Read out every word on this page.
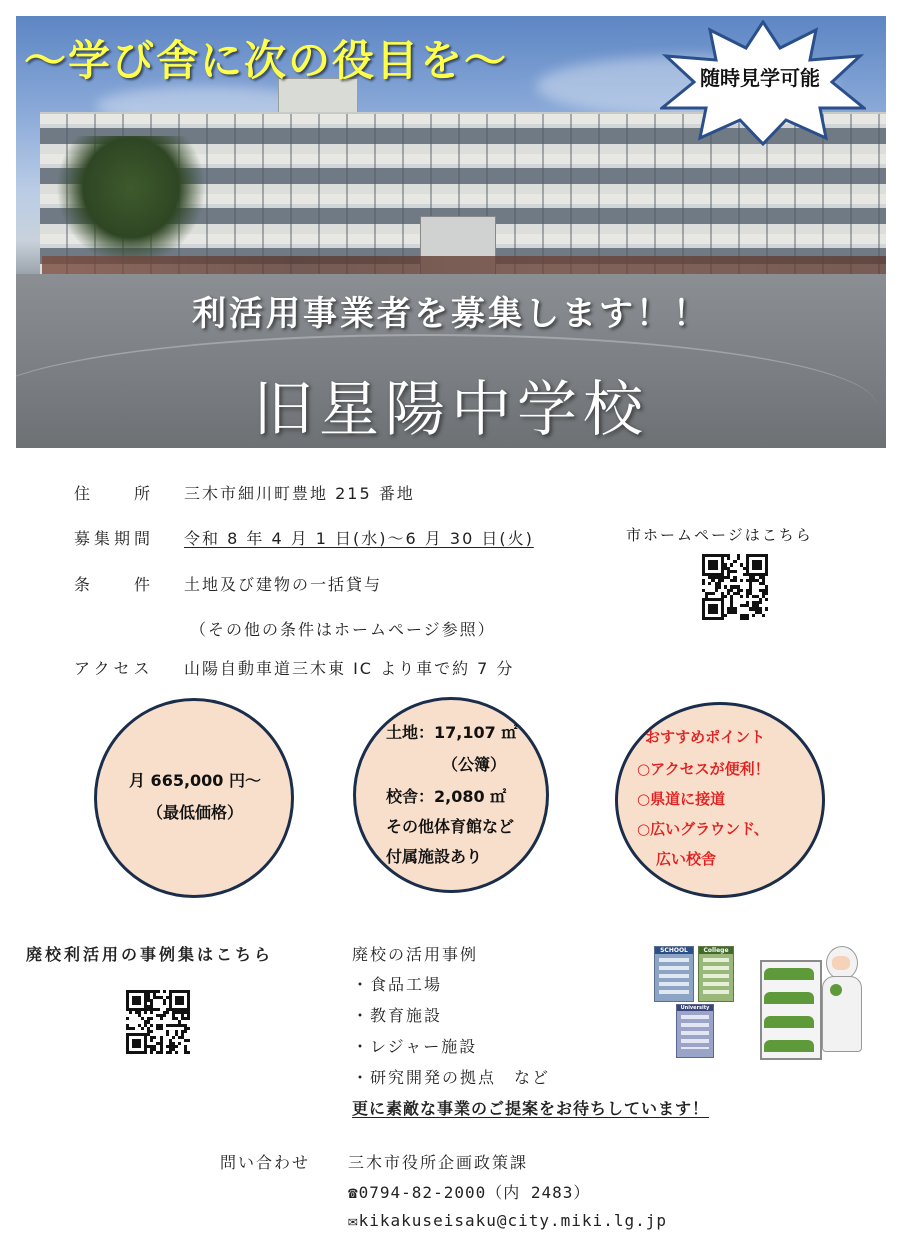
〜学び舎に次の役目を〜	随時見学可能
利活用事業者を募集します！！
旧星陽中学校
住　　所 三木市細川町豊地 215 番地
募集期間 令和 8 年 4 月 1 日(水)〜6 月 30 日(火)
条　　件 土地及び建物の一括貸与
（その他の条件はホームページ参照）
アクセス 山陽自動車道三木東 IC より車で約 7 分
市ホームページはこちら
月 665,000 円〜
（最低価格）
土地：17,107 ㎡
（公簿）
校舎：2,080 ㎡
その他体育館など
付属施設あり
おすすめポイント
○アクセスが便利！
○県道に接道
○広いグラウンド、
広い校舎
廃校利活用の事例集はこちら	廃校の活用事例
・食品工場
・教育施設
・レジャー施設
・研究開発の拠点　など
更に素敵な事業のご提案をお待ちしています！
SCHOOL	College
University
問い合わせ 三木市役所企画政策課
☎0794-82-2000（内 2483）
✉kikakuseisaku@city.miki.lg.jp
